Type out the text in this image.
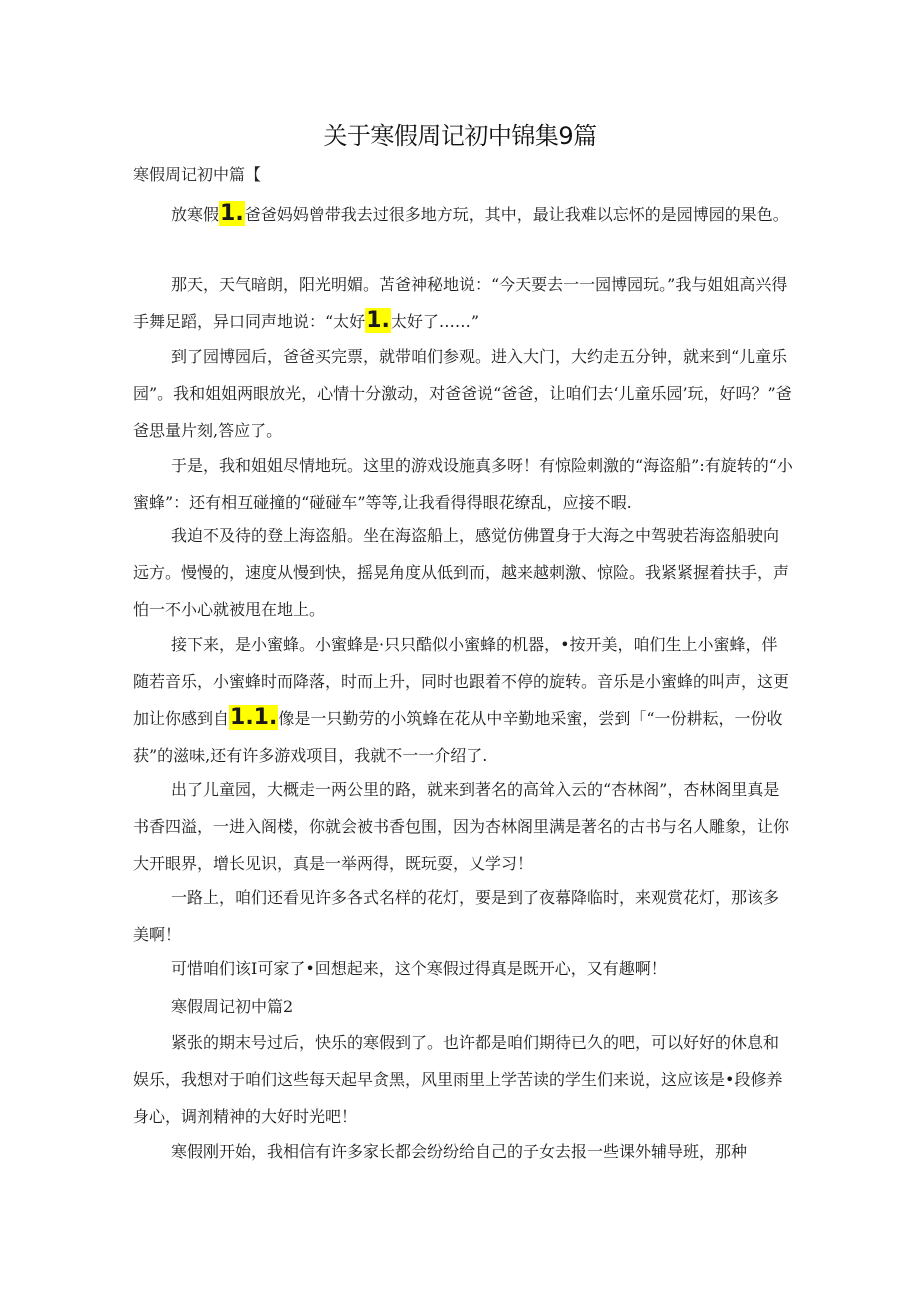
关于寒假周记初中锦集9篇
寒假周记初中篇【
放寒假1.爸爸妈妈曾带我去过很多地方玩，其中，最让我难以忘怀的是园博园的果色。
那天，天气暗朗，阳光明媚。苫爸神秘地说：“今天要去一一园博园玩。”我与姐姐高兴得手舞足蹈，异口同声地说：“太好1.太好了……”
到了园博园后，爸爸买完票，就带咱们参观。进入大门，大约走五分钟，就来到“儿童乐园”。我和姐姐两眼放光，心情十分激动，对爸爸说“爸爸，让咱们去‘儿童乐园’玩，好吗？”爸爸思量片刻,答应了。
于是，我和姐姐尽情地玩。这里的游戏设施真多呀！有惊险刺激的“海盗船”:有旋转的“小蜜蜂”：还有相互碰撞的“碰碰车”等等,让我看得得眼花缭乱，应接不暇.
我迫不及待的登上海盗船。坐在海盗船上，感觉仿佛置身于大海之中驾驶若海盗船驶向远方。慢慢的，速度从慢到快，摇晃角度从低到而，越来越刺激、惊险。我紧紧握着扶手，声怕一不小心就被甩在地上。
接下来，是小蜜蜂。小蜜蜂是·只只酷似小蜜蜂的机器，•按开美，咱们生上小蜜蜂，伴随若音乐，小蜜蜂时而降落，时而上升，同时也跟着不停的旋转。音乐是小蜜蜂的叫声，这更加让你感到自1.1.像是一只勤劳的小筑蜂在花从中辛勤地采蜜，尝到「“一份耕耘，一份收获”的滋味,还有许多游戏项目，我就不一一介绍了.
出了儿童园，大概走一两公里的路，就来到著名的高耸入云的“杏林阁”，杏林阁里真是书香四溢，一进入阁楼，你就会被书香包围，因为杏林阁里满是著名的古书与名人雕象，让你大开眼界，增长见识，真是一举两得，既玩耍，乂学习！
一路上，咱们还看见许多各式名样的花灯，要是到了夜幕降临时，来观赏花灯，那该多美啊！
可惜咱们该I可家了•回想起来，这个寒假过得真是既开心，又有趣啊！
寒假周记初中篇2
紧张的期末号过后，快乐的寒假到了。也许都是咱们期待已久的吧，可以好好的休息和娱乐，我想对于咱们这些每天起早贪黑，风里雨里上学苦读的学生们来说，这应该是•段修养身心，调剂精神的大好时光吧！
寒假刚开始，我相信有许多家长都会纷纷给自己的子女去报一些课外辅导班，那种
